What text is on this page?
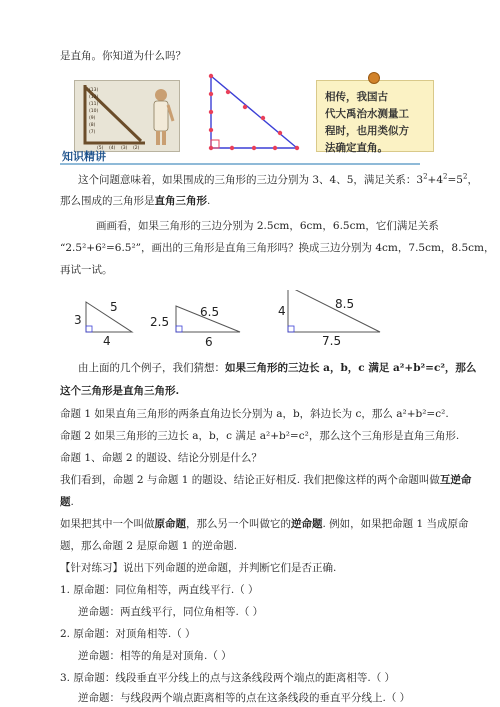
是直角。你知道为什么吗？
(13)
(12)
(11)
(10)
(9)
(8)
(7)
(5) (4) (3) (2)
相传，我国古
代大禹治水测量工
程时，也用类似方
法确定直角。
知识精讲
这个问题意味着，如果围成的三角形的三边分别为 3、4、5，满足关系：$3^2+4^2=5^2$，
那么围成的三角形是直角三角形.
画画看，如果三角形的三边分别为 2.5cm，6cm，6.5cm，它们满足关系
“2.5²+6²=6.5²”，画出的三角形是直角三角形吗？换成三边分别为 4cm，7.5cm，8.5cm，
再试一试。
3
5
4
2.5
6.5
6
4	8.5
7.5
由上面的几个例子，我们猜想：如果三角形的三边长 a，b，c 满足 a²+b²=c²，那么
这个三角形是直角三角形.
命题 1 如果直角三角形的两条直角边长分别为 a，b，斜边长为 c，那么 a²+b²=c².
命题 2 如果三角形的三边长 a，b，c 满足 a²+b²=c²，那么这个三角形是直角三角形.
命题 1、命题 2 的题设、结论分别是什么？
我们看到，命题 2 与命题 1 的题设、结论正好相反. 我们把像这样的两个命题叫做互逆命
题.
如果把其中一个叫做原命题，那么另一个叫做它的逆命题. 例如，如果把命题 1 当成原命
题，那么命题 2 是原命题 1 的逆命题.
【针对练习】说出下列命题的逆命题，并判断它们是否正确.
1. 原命题：同位角相等，两直线平行.（ ）
逆命题：两直线平行，同位角相等.（ ）
2. 原命题：对顶角相等.（ ）
逆命题：相等的角是对顶角.（ ）
3. 原命题：线段垂直平分线上的点与这条线段两个端点的距离相等.（ ）
逆命题：与线段两个端点距离相等的点在这条线段的垂直平分线上.（ ）
